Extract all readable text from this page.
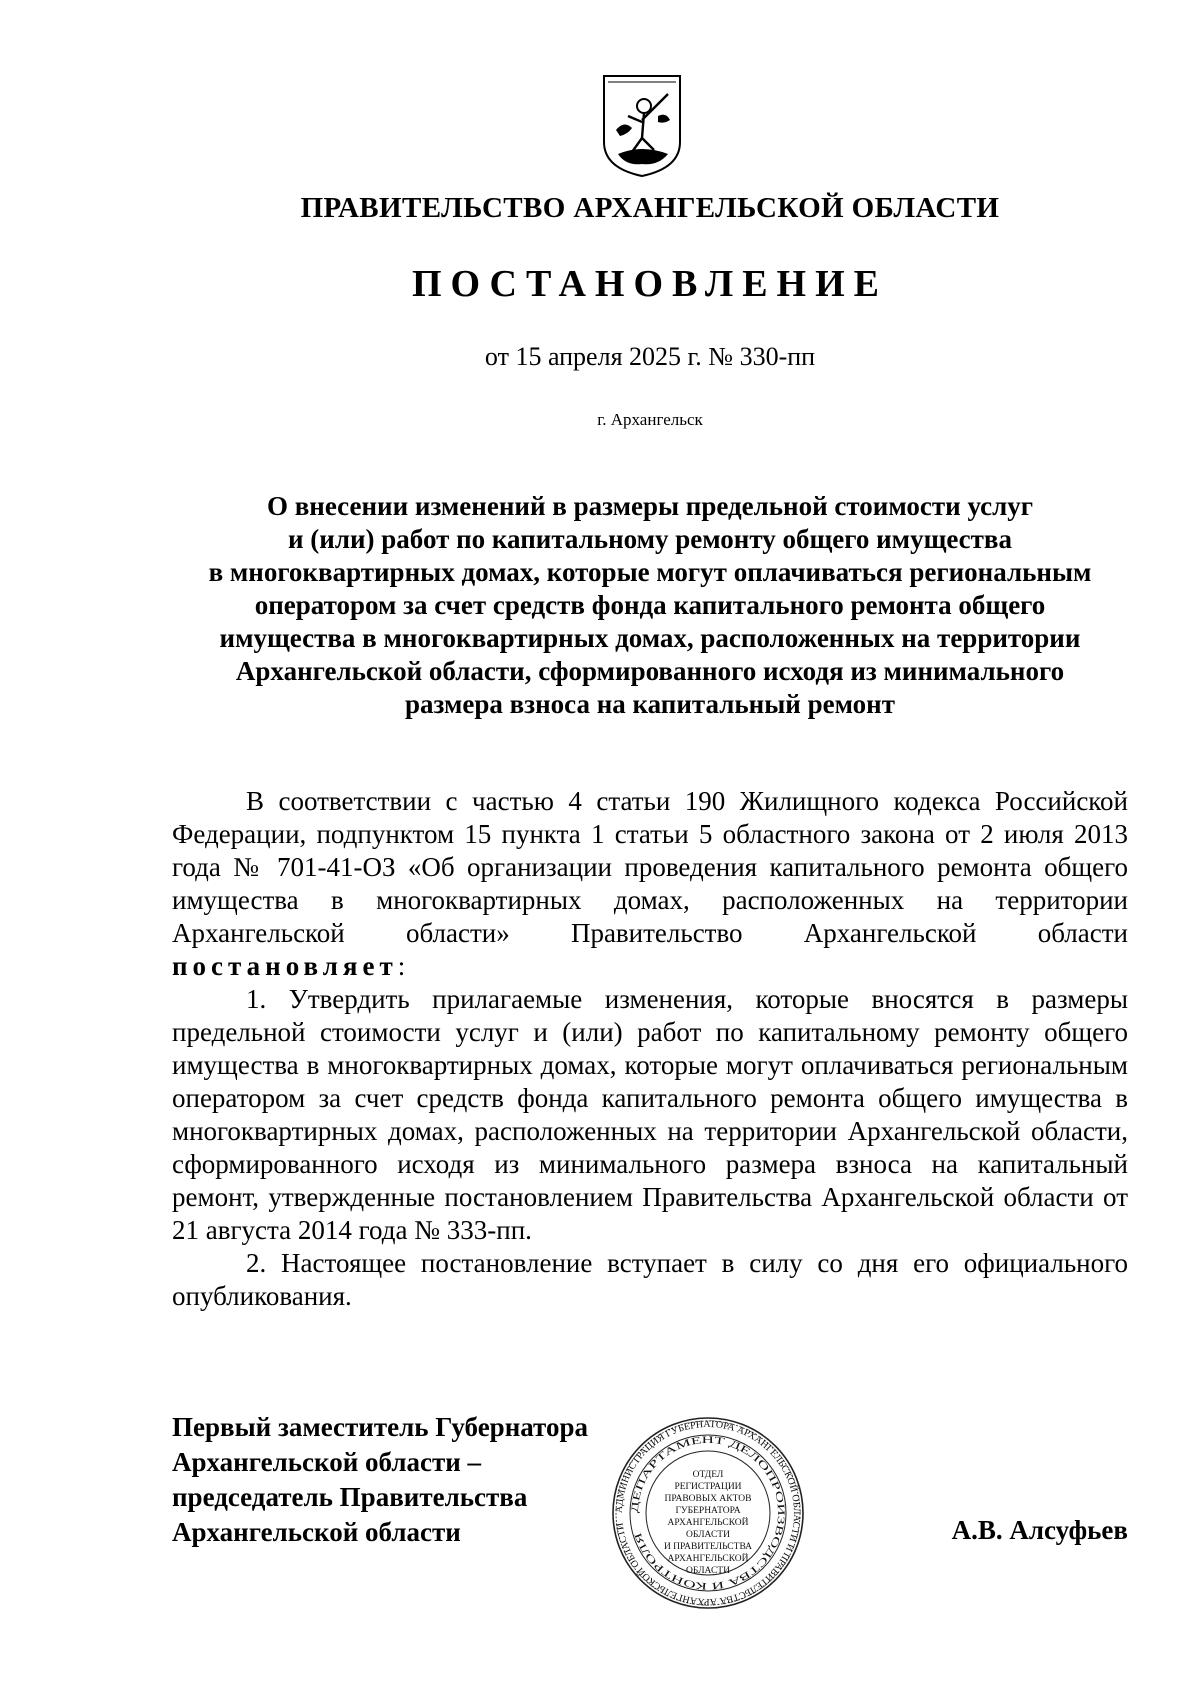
ПРАВИТЕЛЬСТВО АРХАНГЕЛЬСКОЙ ОБЛАСТИ
ПОСТАНОВЛЕНИЕ
от 15 апреля 2025 г. № 330-пп
г. Архангельск
О внесении изменений в размеры предельной стоимости услуг
и (или) работ по капитальному ремонту общего имущества
в многоквартирных домах, которые могут оплачиваться региональным
оператором за счет средств фонда капитального ремонта общего
имущества в многоквартирных домах, расположенных на территории
Архангельской области, сформированного исходя из минимального
размера взноса на капитальный ремонт

В соответствии с частью 4 статьи 190 Жилищного кодекса Российской Федерации, подпунктом 15 пункта 1 статьи 5 областного закона от 2 июля 2013 года № 701-41-ОЗ «Об организации проведения капитального ремонта общего имущества в многоквартирных домах, расположенных на территории Архангельской области» Правительство Архангельской области постановляет:

1. Утвердить прилагаемые изменения, которые вносятся в размеры предельной стоимости услуг и (или) работ по капитальному ремонту общего имущества в многоквартирных домах, которые могут оплачиваться региональным оператором за счет средств фонда капитального ремонта общего имущества в многоквартирных домах, расположенных на территории Архангельской области, сформированного исходя из минимального размера взноса на капитальный ремонт, утвержденные постановлением Правительства Архангельской области от 21 августа 2014 года № 333-пп.

2. Настоящее постановление вступает в силу со дня его официального опубликования.

Первый заместитель Губернатора
Архангельской области –
председатель Правительства
Архангельской области
АДМИНИСТРАЦИЯ ГУБЕРНАТОРА АРХАНГЕЛЬСКОЙ ОБЛАСТИ И ПРАВИТЕЛЬСТВА АРХАНГЕЛЬСКОЙ ОБЛАСТИ
ДЕПАРТАМЕНТ ДЕЛОПРОИЗВОДСТВА И КОНТРОЛЯ
ОТДЕЛ
РЕГИСТРАЦИИ
ПРАВОВЫХ АКТОВ
ГУБЕРНАТОРА
АРХАНГЕЛЬСКОЙ
ОБЛАСТИ
И ПРАВИТЕЛЬСТВА
АРХАНГЕЛЬСКОЙ
ОБЛАСТИ
А.В. Алсуфьев
